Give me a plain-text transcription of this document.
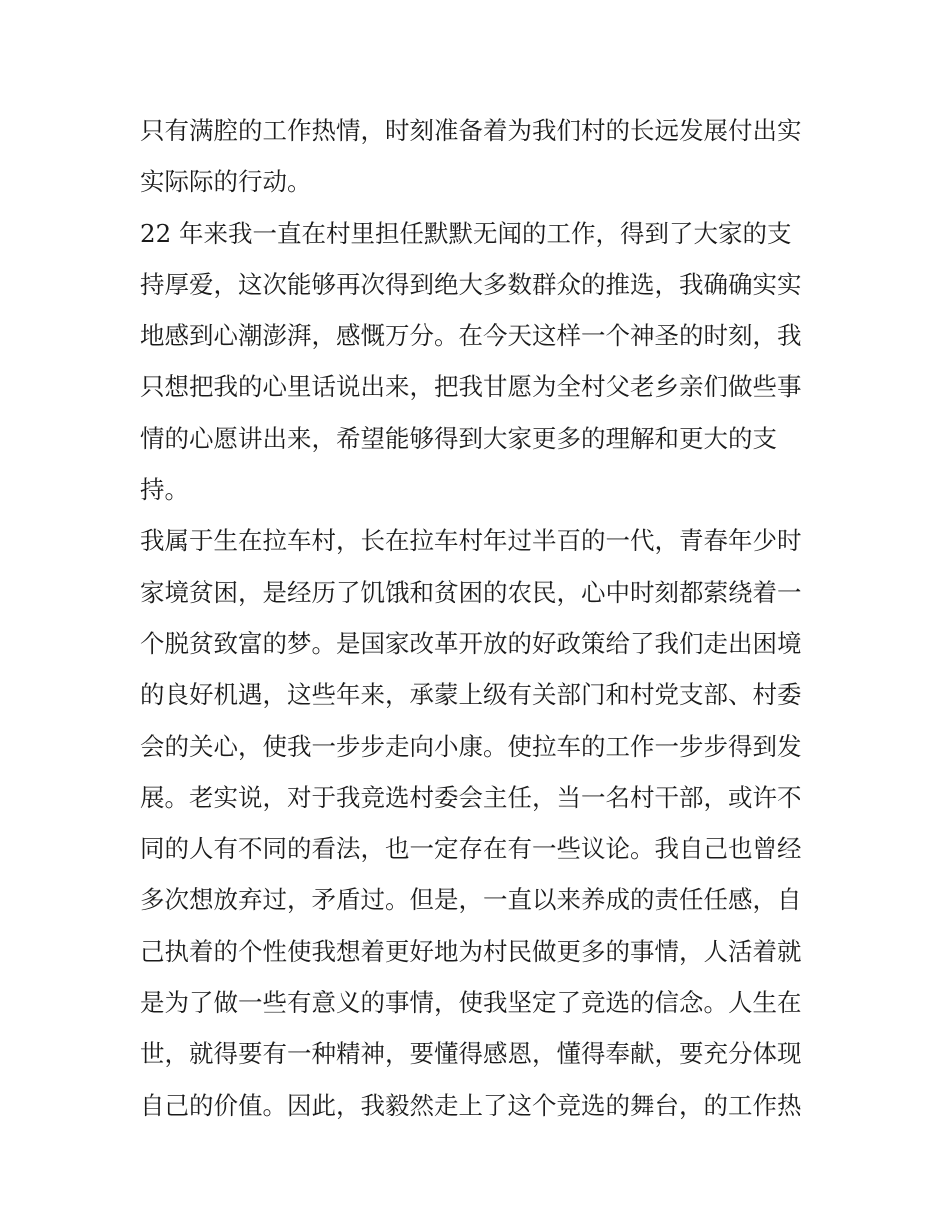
只有满腔的工作热情，时刻准备着为我们村的长远发展付出实
实际际的行动。
22 年来我一直在村里担任默默无闻的工作，得到了大家的支
持厚爱，这次能够再次得到绝大多数群众的推选，我确确实实
地感到心潮澎湃，感慨万分。在今天这样一个神圣的时刻，我
只想把我的心里话说出来，把我甘愿为全村父老乡亲们做些事
情的心愿讲出来，希望能够得到大家更多的理解和更大的支
持。
我属于生在拉车村，长在拉车村年过半百的一代，青春年少时
家境贫困，是经历了饥饿和贫困的农民，心中时刻都萦绕着一
个脱贫致富的梦。是国家改革开放的好政策给了我们走出困境
的良好机遇，这些年来，承蒙上级有关部门和村党支部、村委
会的关心，使我一步步走向小康。使拉车的工作一步步得到发
展。老实说，对于我竞选村委会主任，当一名村干部，或许不
同的人有不同的看法，也一定存在有一些议论。我自己也曾经
多次想放弃过，矛盾过。但是，一直以来养成的责任任感，自
己执着的个性使我想着更好地为村民做更多的事情，人活着就
是为了做一些有意义的事情，使我坚定了竞选的信念。人生在
世，就得要有一种精神，要懂得感恩，懂得奉献，要充分体现
自己的价值。因此，我毅然走上了这个竞选的舞台，的工作热
